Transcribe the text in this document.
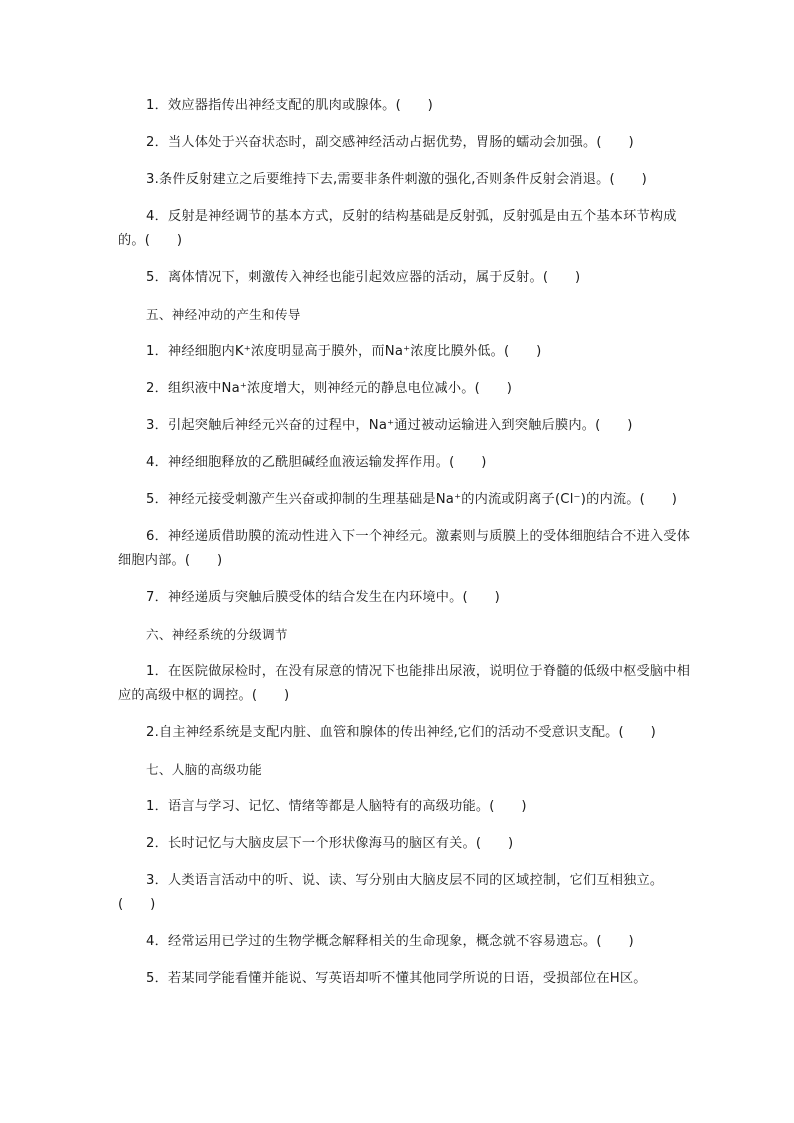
1．效应器指传出神经支配的肌肉或腺体。(　　)

2．当人体处于兴奋状态时，副交感神经活动占据优势，胃肠的蠕动会加强。(　　)

3.条件反射建立之后要维持下去,需要非条件刺激的强化,否则条件反射会消退。(　　)

4．反射是神经调节的基本方式，反射的结构基础是反射弧，反射弧是由五个基本环节构成的。(　　)

5．离体情况下，刺激传入神经也能引起效应器的活动，属于反射。(　　)

五、神经冲动的产生和传导

1．神经细胞内K⁺浓度明显高于膜外，而Na⁺浓度比膜外低。(　　)

2．组织液中Na⁺浓度增大，则神经元的静息电位减小。(　　)

3．引起突触后神经元兴奋的过程中，Na⁺通过被动运输进入到突触后膜内。(　　)

4．神经细胞释放的乙酰胆碱经血液运输发挥作用。(　　)

5．神经元接受刺激产生兴奋或抑制的生理基础是Na⁺的内流或阴离子(Cl⁻)的内流。(　　)

6．神经递质借助膜的流动性进入下一个神经元。激素则与质膜上的受体细胞结合不进入受体细胞内部。(　　)

7．神经递质与突触后膜受体的结合发生在内环境中。(　　)

六、神经系统的分级调节

1．在医院做尿检时，在没有尿意的情况下也能排出尿液，说明位于脊髓的低级中枢受脑中相应的高级中枢的调控。(　　)

2.自主神经系统是支配内脏、血管和腺体的传出神经,它们的活动不受意识支配。(　　)

七、人脑的高级功能

1．语言与学习、记忆、情绪等都是人脑特有的高级功能。(　　)

2．长时记忆与大脑皮层下一个形状像海马的脑区有关。(　　)

3．人类语言活动中的听、说、读、写分别由大脑皮层不同的区域控制，它们互相独立。(　　)

4．经常运用已学过的生物学概念解释相关的生命现象，概念就不容易遗忘。(　　)

5．若某同学能看懂并能说、写英语却听不懂其他同学所说的日语，受损部位在H区。
